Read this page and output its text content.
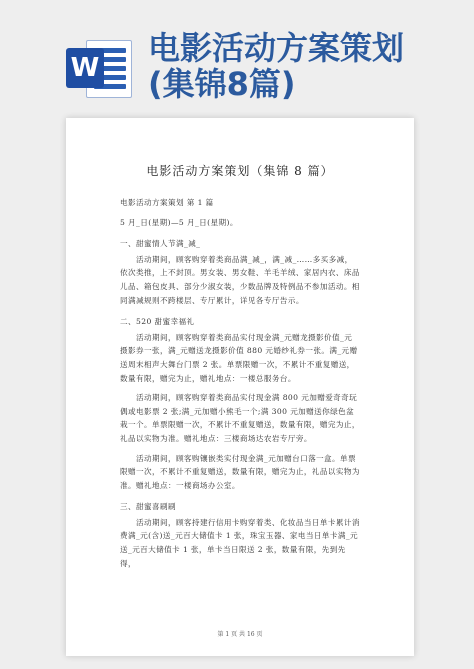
W
电影活动方案策划
(集锦8篇)
电影活动方案策划（集锦 8 篇）

电影活动方案策划 第 1 篇

5 月_日(星期)—5 月_日(星期)。

一、甜蜜情人节满_减_

活动期间，顾客购穿着类商品满_减_，满_减_……多买多减，依次类推，上不封顶。男女装、男女鞋、羊毛羊绒、家居内衣、床品儿品、箱包皮具、部分少淑女装，少数品牌及特例品不参加活动。相同满减规则不跨楼层、专厅累计，详见各专厅告示。

二、520 甜蜜幸福礼

活动期间，顾客购穿着类商品实付现金满_元赠龙摄影价值_元摄影券一张，满_元赠送龙摄影价值 880 元婚纱礼券一张。满_元赠送周末相声大舞台门票 2 张。单票限赠一次，不累计不重复赠送，数量有限，赠完为止，赠礼地点：一楼总服务台。

活动期间，顾客购穿着类商品实付现金满 800 元加赠爱奇奇玩偶或电影票 2 张;满_元加赠小熊毛一个;满 300 元加赠送你绿色盆栽一个。单票限赠一次，不累计不重复赠送，数量有限，赠完为止，礼品以实物为准。赠礼地点：三楼商场达农岩专厅旁。

活动期间，顾客购镶嵌类实付现金满_元加赠台口落一盒。单票限赠一次，不累计不重复赠送，数量有限，赠完为止，礼品以实物为准。赠礼地点：一楼商场办公室。

三、甜蜜喜刷刷

活动期间，顾客持建行信用卡购穿着类、化妆品当日单卡累计消费满_元(含)送_元百大储值卡 1 张，珠宝玉器、家电当日单卡满_元送_元百大储值卡 1 张，单卡当日限送 2 张，数量有限，先到先得，

第 1 页 共 16 页
